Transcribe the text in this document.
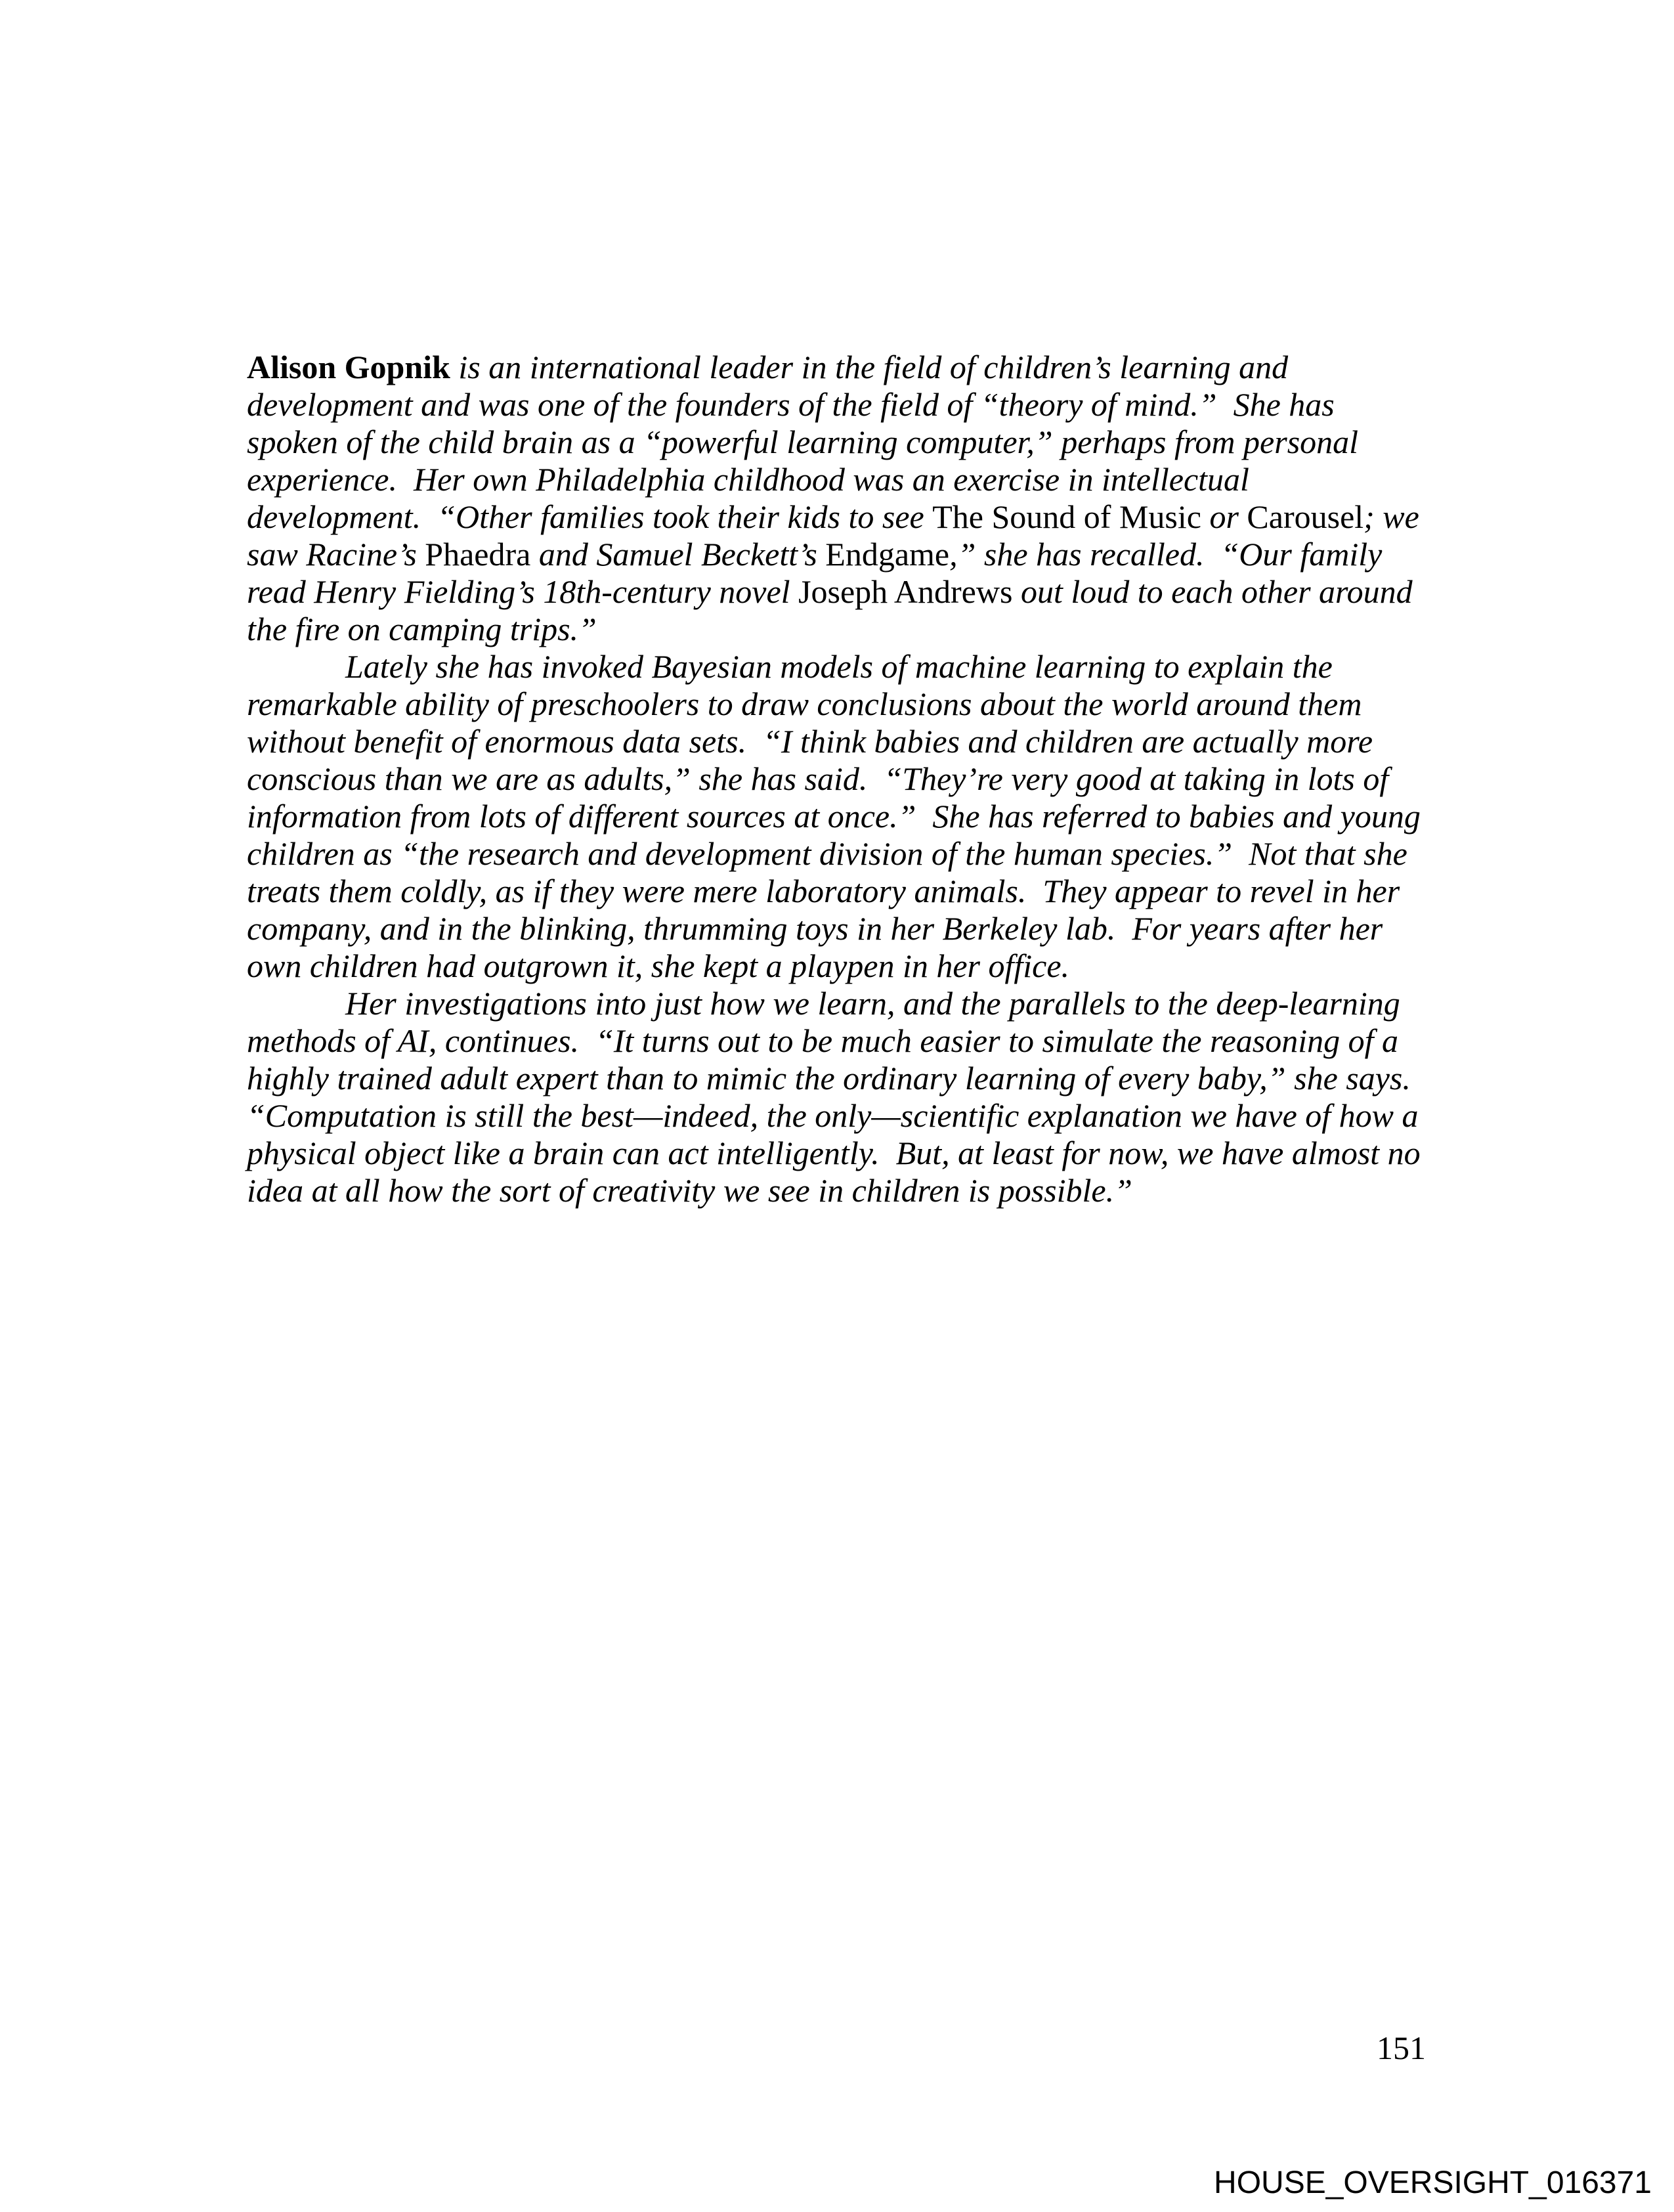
Alison Gopnik is an international leader in the field of children’s learning and
development and was one of the founders of the field of “theory of mind.”  She has
spoken of the child brain as a “powerful learning computer,” perhaps from personal
experience.  Her own Philadelphia childhood was an exercise in intellectual
development.  “Other families took their kids to see The Sound of Music or Carousel; we
saw Racine’s Phaedra and Samuel Beckett’s Endgame,” she has recalled.  “Our family
read Henry Fielding’s 18th-century novel Joseph Andrews out loud to each other around
the fire on camping trips.”
Lately she has invoked Bayesian models of machine learning to explain the
remarkable ability of preschoolers to draw conclusions about the world around them
without benefit of enormous data sets.  “I think babies and children are actually more
conscious than we are as adults,” she has said.  “They’re very good at taking in lots of
information from lots of different sources at once.”  She has referred to babies and young
children as “the research and development division of the human species.”  Not that she
treats them coldly, as if they were mere laboratory animals.  They appear to revel in her
company, and in the blinking, thrumming toys in her Berkeley lab.  For years after her
own children had outgrown it, she kept a playpen in her office.
Her investigations into just how we learn, and the parallels to the deep-learning
methods of AI, continues.  “It turns out to be much easier to simulate the reasoning of a
highly trained adult expert than to mimic the ordinary learning of every baby,” she says.
“Computation is still the best—indeed, the only—scientific explanation we have of how a
physical object like a brain can act intelligently.  But, at least for now, we have almost no
idea at all how the sort of creativity we see in children is possible.”
151
HOUSE_OVERSIGHT_016371
